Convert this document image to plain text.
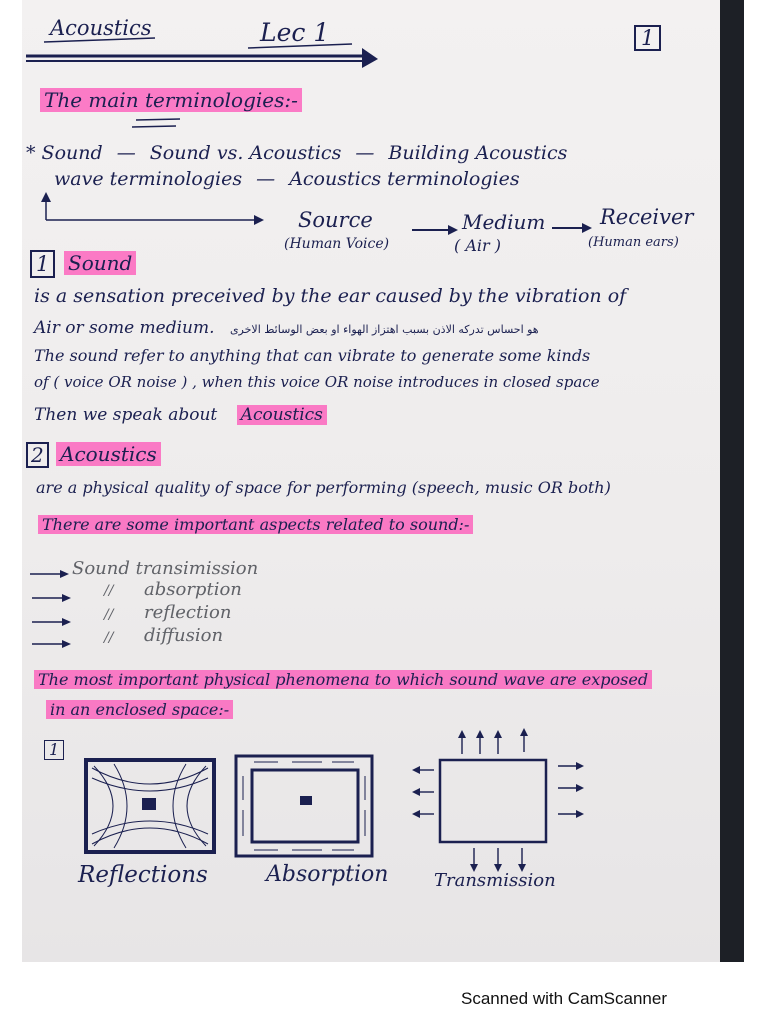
Acoustics	Lec 1	1
The main terminologies:-
* Sound — Sound vs. Acoustics — Building Acoustics
wave terminologies — Acoustics terminologies
Source
(Human Voice)
Medium
( Air )
Receiver
(Human ears)
1 Sound
is a sensation preceived by the ear caused by the vibration of
Air or some medium. هو احساس تدركه الاذن بسبب اهتزاز الهواء او بعض الوسائط الاخرى
The sound refer to anything that can vibrate to generate some kinds
of ( voice OR noise ) , when this voice OR noise introduces in closed space
Then we speak about Acoustics
2 Acoustics
are a physical quality of space for performing (speech, music OR both)
There are some important aspects related to sound:-
Sound transimission
// absorption
// reflection
// diffusion
The most important physical phenomena to which sound wave are exposed
in an enclosed space:-
1
Reflections	Absorption	Transmission
Scanned with CamScanner
